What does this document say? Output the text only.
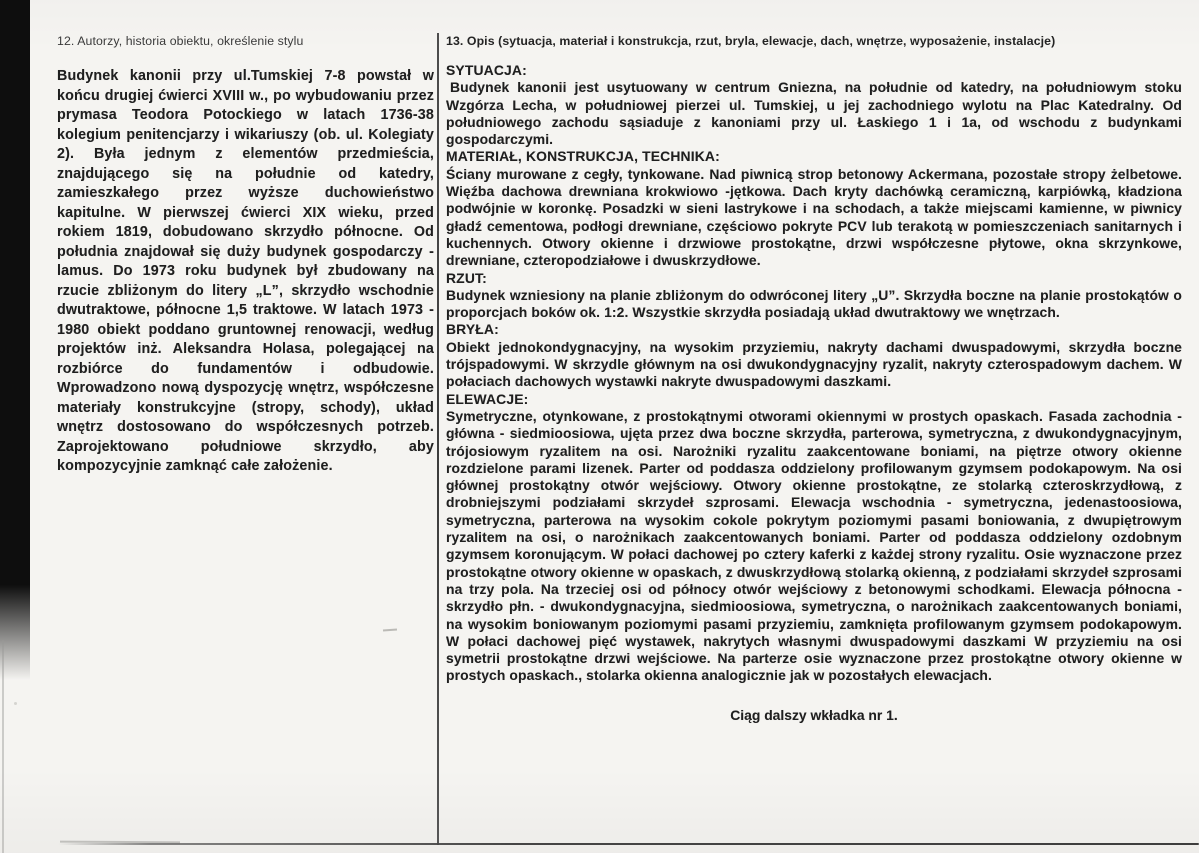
12. Autorzy, historia obiektu, określenie stylu

Budynek kanonii przy ul.Tumskiej 7-8 powstał w końcu drugiej ćwierci XVIII w., po wybudowaniu przez prymasa Teodora Potockiego w latach 1736-38 kolegium penitencjarzy i wikariuszy (ob. ul. Kolegiaty 2). Była jednym z elementów przedmieścia, znajdującego się na południe od katedry, zamieszkałego przez wyższe duchowieństwo kapitulne. W pierwszej ćwierci XIX wieku, przed rokiem 1819, dobudowano skrzydło północne. Od południa znajdował się duży budynek gospodarczy - lamus. Do 1973 roku budynek był zbudowany na rzucie zbliżonym do litery „L”, skrzydło wschodnie dwutraktowe, północne 1,5 traktowe. W latach 1973 - 1980 obiekt poddano gruntownej renowacji, według projektów inż. Aleksandra Holasa, polegającej na rozbiórce do fundamentów i odbudowie. Wprowadzono nową dyspozycję wnętrz, współczesne materiały konstrukcyjne (stropy, schody), układ wnętrz dostosowano do współczesnych potrzeb. Zaprojektowano południowe skrzydło, aby kompozycyjnie zamknąć całe założenie.

13. Opis (sytuacja, materiał i konstrukcja, rzut, bryla, elewacje, dach, wnętrze, wyposażenie, instalacje)
SYTUACJA:

Budynek kanonii jest usytuowany w centrum Gniezna, na południe od katedry, na południowym stoku Wzgórza Lecha, w południowej pierzei ul. Tumskiej, u jej zachodniego wylotu na Plac Katedralny. Od południowego zachodu sąsiaduje z kanoniami przy ul. Łaskiego 1 i 1a, od wschodu z budynkami gospodarczymi.

MATERIAŁ, KONSTRUKCJA, TECHNIKA:

Ściany murowane z cegły, tynkowane. Nad piwnicą strop betonowy Ackermana, pozostałe stropy żelbetowe. Więźba dachowa drewniana krokwiowo -jętkowa. Dach kryty dachówką ceramiczną, karpiówką, kładziona podwójnie w koronkę. Posadzki w sieni lastrykowe i na schodach, a także miejscami kamienne, w piwnicy gładź cementowa, podłogi drewniane, częściowo pokryte PCV lub terakotą w pomieszczeniach sanitarnych i kuchennych. Otwory okienne i drzwiowe prostokątne, drzwi współczesne płytowe, okna skrzynkowe, drewniane, czteropodziałowe i dwuskrzydłowe.

RZUT:

Budynek wzniesiony na planie zbliżonym do odwróconej litery „U”. Skrzydła boczne na planie prostokątów o proporcjach boków ok. 1:2. Wszystkie skrzydła posiadają układ dwutraktowy we wnętrzach.

BRYŁA:

Obiekt jednokondygnacyjny, na wysokim przyziemiu, nakryty dachami dwuspadowymi, skrzydła boczne trójspadowymi. W skrzydle głównym na osi dwukondygnacyjny ryzalit, nakryty czterospadowym dachem. W połaciach dachowych wystawki nakryte dwuspadowymi daszkami.

ELEWACJE:

Symetryczne, otynkowane, z prostokątnymi otworami okiennymi w prostych opaskach. Fasada zachodnia - główna - siedmioosiowa, ujęta przez dwa boczne skrzydła, parterowa, symetryczna, z dwukondygnacyjnym, trójosiowym ryzalitem na osi. Narożniki ryzalitu zaakcentowane boniami, na piętrze otwory okienne rozdzielone parami lizenek. Parter od poddasza oddzielony profilowanym gzymsem podokapowym. Na osi głównej prostokątny otwór wejściowy. Otwory okienne prostokątne, ze stolarką czteroskrzydłową, z drobniejszymi podziałami skrzydeł szprosami. Elewacja wschodnia - symetryczna, jedenastoosiowa, symetryczna, parterowa na wysokim cokole pokrytym poziomymi pasami boniowania, z dwupiętrowym ryzalitem na osi, o narożnikach zaakcentowanych boniami. Parter od poddasza oddzielony ozdobnym gzymsem koronującym. W połaci dachowej po cztery kaferki z każdej strony ryzalitu. Osie wyznaczone przez prostokątne otwory okienne w opaskach, z dwuskrzydłową stolarką okienną, z podziałami skrzydeł szprosami na trzy pola. Na trzeciej osi od północy otwór wejściowy z betonowymi schodkami. Elewacja północna - skrzydło płn. - dwukondygnacyjna, siedmioosiowa, symetryczna, o narożnikach zaakcentowanych boniami, na wysokim boniowanym poziomymi pasami przyziemiu, zamknięta profilowanym gzymsem podokapowym. W połaci dachowej pięć wystawek, nakrytych własnymi dwuspadowymi daszkami W przyziemiu na osi symetrii prostokątne drzwi wejściowe. Na parterze osie wyznaczone przez prostokątne otwory okienne w prostych opaskach., stolarka okienna analogicznie jak w pozostałych elewacjach.

Ciąg dalszy wkładka nr 1.
